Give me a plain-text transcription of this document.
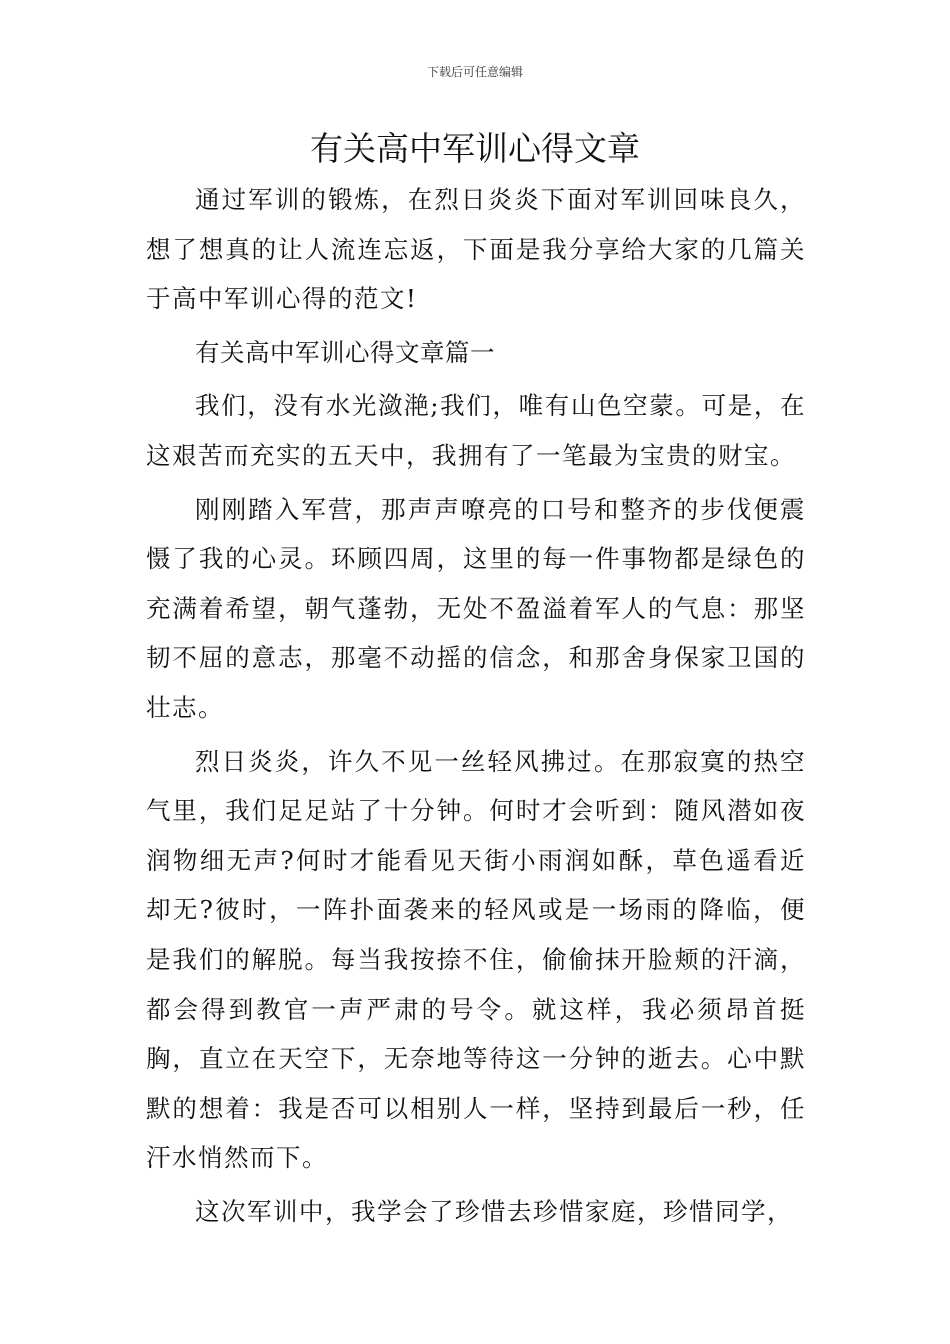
下载后可任意编辑
有关高中军训心得文章

通过军训的锻炼，在烈日炎炎下面对军训回味良久，想了想真的让人流连忘返，下面是我分享给大家的几篇关于高中军训心得的范文!

有关高中军训心得文章篇一

我们，没有水光潋滟;我们，唯有山色空蒙。可是，在这艰苦而充实的五天中，我拥有了一笔最为宝贵的财宝。

刚刚踏入军营，那声声嘹亮的口号和整齐的步伐便震慑了我的心灵。环顾四周，这里的每一件事物都是绿色的充满着希望，朝气蓬勃，无处不盈溢着军人的气息：那坚韧不屈的意志，那毫不动摇的信念，和那舍身保家卫国的壮志。

烈日炎炎，许久不见一丝轻风拂过。在那寂寞的热空气里，我们足足站了十分钟。何时才会听到：随风潜如夜润物细无声?何时才能看见天街小雨润如酥，草色遥看近却无?彼时，一阵扑面袭来的轻风或是一场雨的降临，便是我们的解脱。每当我按捺不住，偷偷抹开脸颊的汗滴，都会得到教官一声严肃的号令。就这样，我必须昂首挺胸，直立在天空下，无奈地等待这一分钟的逝去。心中默默的想着：我是否可以相别人一样，坚持到最后一秒，任汗水悄然而下。

这次军训中，我学会了珍惜去珍惜家庭，珍惜同学，
